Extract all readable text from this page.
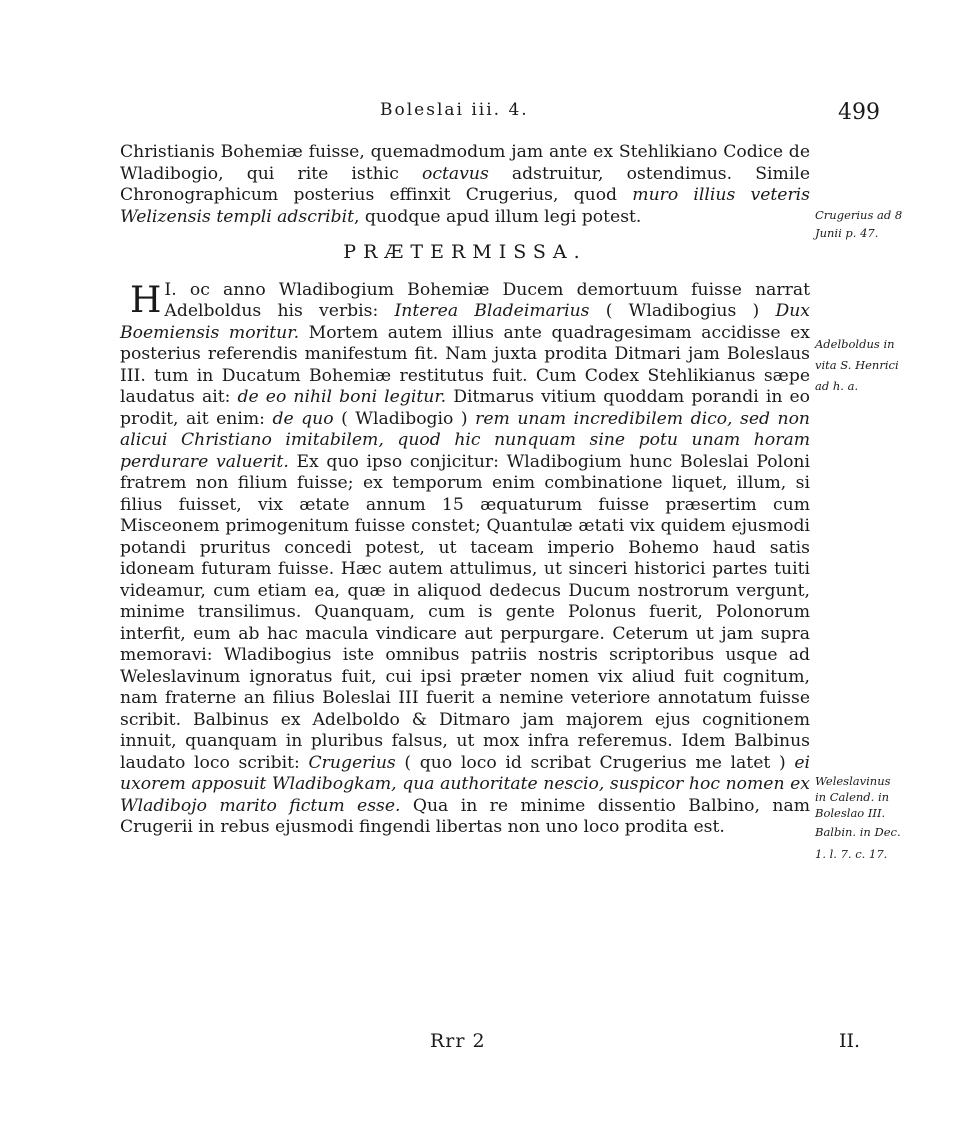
Boleslai iii. 4.	499

Christianis Bohemiæ fuisse, quemadmodum jam ante ex Stehlikiano Codice de Wladibogio, qui rite isthic octavus adstruitur, ostendimus. Simile Chronographicum posterius effinxit Crugerius, quod muro illius veteris Welizensis templi adscribit, quodque apud illum legi potest.

PRÆTERMISSA.

I.
H oc anno Wladibogium Bohemiæ Ducem demortuum fuisse narrat Adelboldus his verbis: Interea Bladeimarius ( Wladibogius ) Dux Boemiensis moritur. Mortem autem illius ante quadragesimam accidisse ex posterius referendis manifestum fit. Nam juxta prodita Ditmari jam Boleslaus III. tum in Ducatum Bohemiæ restitutus fuit. Cum Codex Stehlikianus sæpe laudatus ait: de eo nihil boni legitur. Ditmarus vitium quoddam porandi in eo prodit, ait enim: de quo ( Wladibogio ) rem unam incredibilem dico, sed non alicui Christiano imitabilem, quod hic nunquam sine potu unam horam perdurare valuerit. Ex quo ipso conjicitur: Wladibogium hunc Boleslai Poloni fratrem non filium fuisse; ex temporum enim combinatione liquet, illum, si filius fuisset, vix ætate annum 15 æquaturum fuisse præsertim cum Misceonem primogenitum fuisse constet; Quantulæ ætati vix quidem ejusmodi potandi pruritus concedi potest, ut taceam imperio Bohemo haud satis idoneam futuram fuisse. Hæc autem attulimus, ut sinceri historici partes tuiti videamur, cum etiam ea, quæ in aliquod dedecus Ducum nostrorum vergunt, minime transilimus. Quanquam, cum is gente Polonus fuerit, Polonorum interfit, eum ab hac macula vindicare aut perpurgare. Ceterum ut jam supra memoravi: Wladibogius iste omnibus patriis nostris scriptoribus usque ad Weleslavinum ignoratus fuit, cui ipsi præter nomen vix aliud fuit cognitum, nam fraterne an filius Boleslai III fuerit a nemine veteriore annotatum fuisse scribit. Balbinus ex Adelboldo & Ditmaro jam majorem ejus cognitionem innuit, quanquam in pluribus falsus, ut mox infra referemus. Idem Balbinus laudato loco scribit: Crugerius ( quo loco id scribat Crugerius me latet ) ei uxorem apposuit Wladibogkam, qua authoritate nescio, suspicor hoc nomen ex Wladibojo marito fictum esse. Qua in re minime dissentio Balbino, nam Crugerii in rebus ejusmodi fingendi libertas non uno loco prodita est.

Crugerius ad 8
Junii p. 47.
Adelboldus in
vita S. Henrici
ad h. a.
Weleslavinus
in Calend. in
Boleslao III.
Balbin. in Dec.
1. l. 7. c. 17.
Rrr 2	II.
